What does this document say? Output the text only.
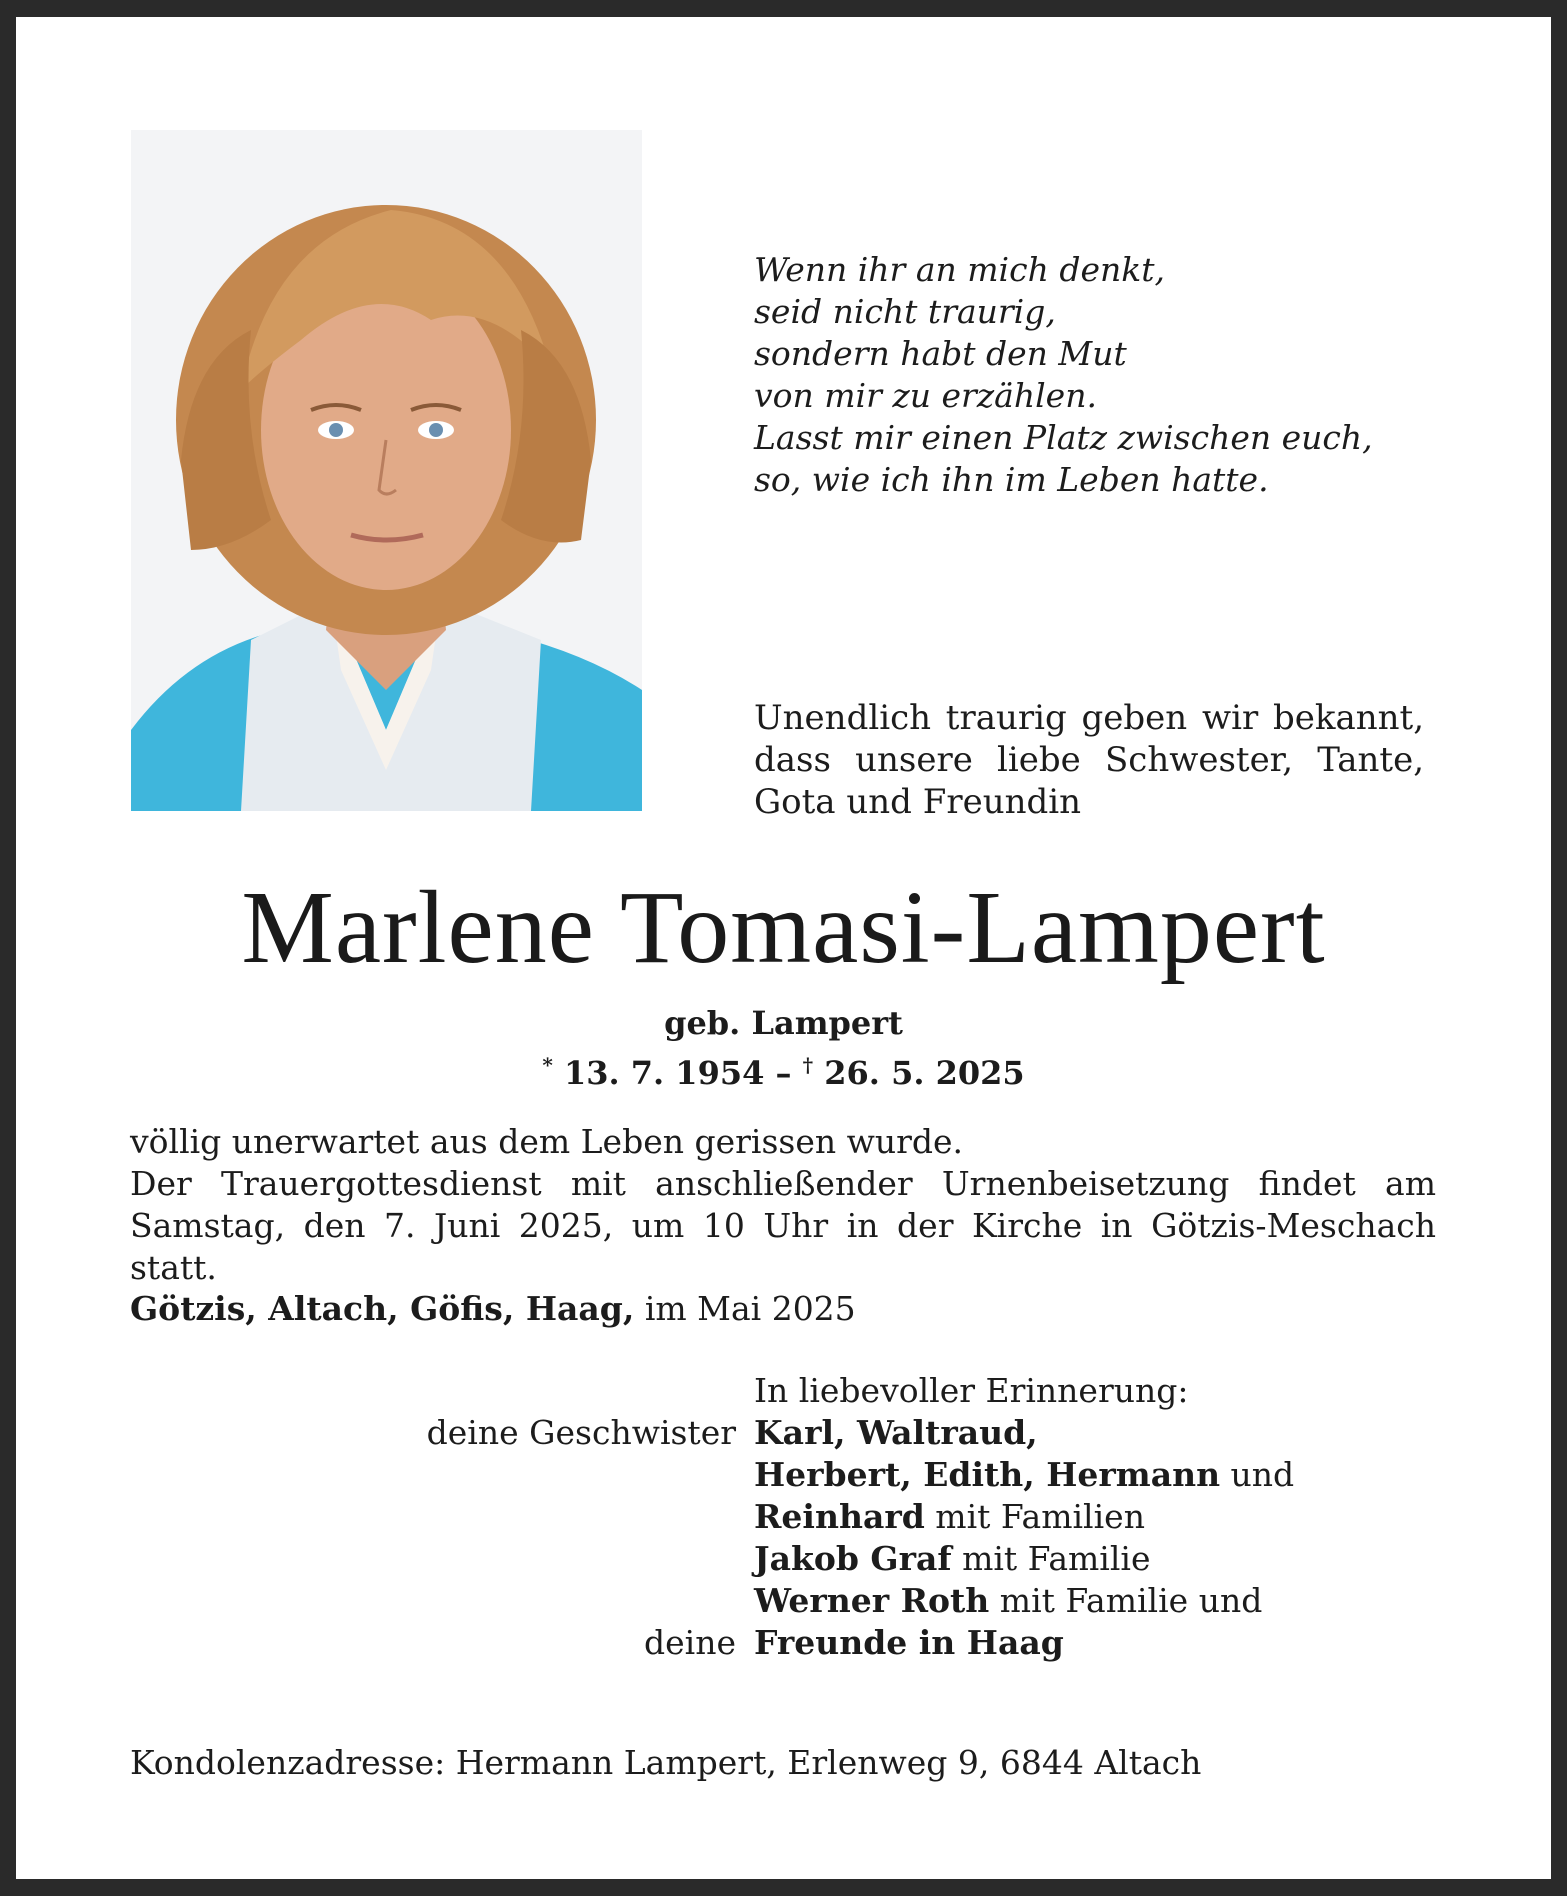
Wenn ihr an mich denkt,
seid nicht traurig,
sondern habt den Mut
von mir zu erzählen.
Lasst mir einen Platz zwischen euch,
so, wie ich ihn im Leben hatte.
Unendlich traurig geben wir bekannt,
dass unsere liebe Schwester, Tante,
Gota und Freundin
Marlene Tomasi-Lampert
geb. Lampert
* 13. 7. 1954 – † 26. 5. 2025
völlig unerwartet aus dem Leben gerissen wurde.
Der Trauergottesdienst mit anschließender Urnenbeisetzung findet am
Samstag, den 7. Juni 2025, um 10 Uhr in der Kirche in Götzis-Meschach statt.
Götzis, Altach, Göfis, Haag, im Mai 2025
In liebevoller Erinnerung:
deine Geschwister Karl, Waltraud,
Herbert, Edith, Hermann und
Reinhard mit Familien
Jakob Graf mit Familie
Werner Roth mit Familie und
deine Freunde in Haag
Kondolenzadresse: Hermann Lampert, Erlenweg 9, 6844 Altach
